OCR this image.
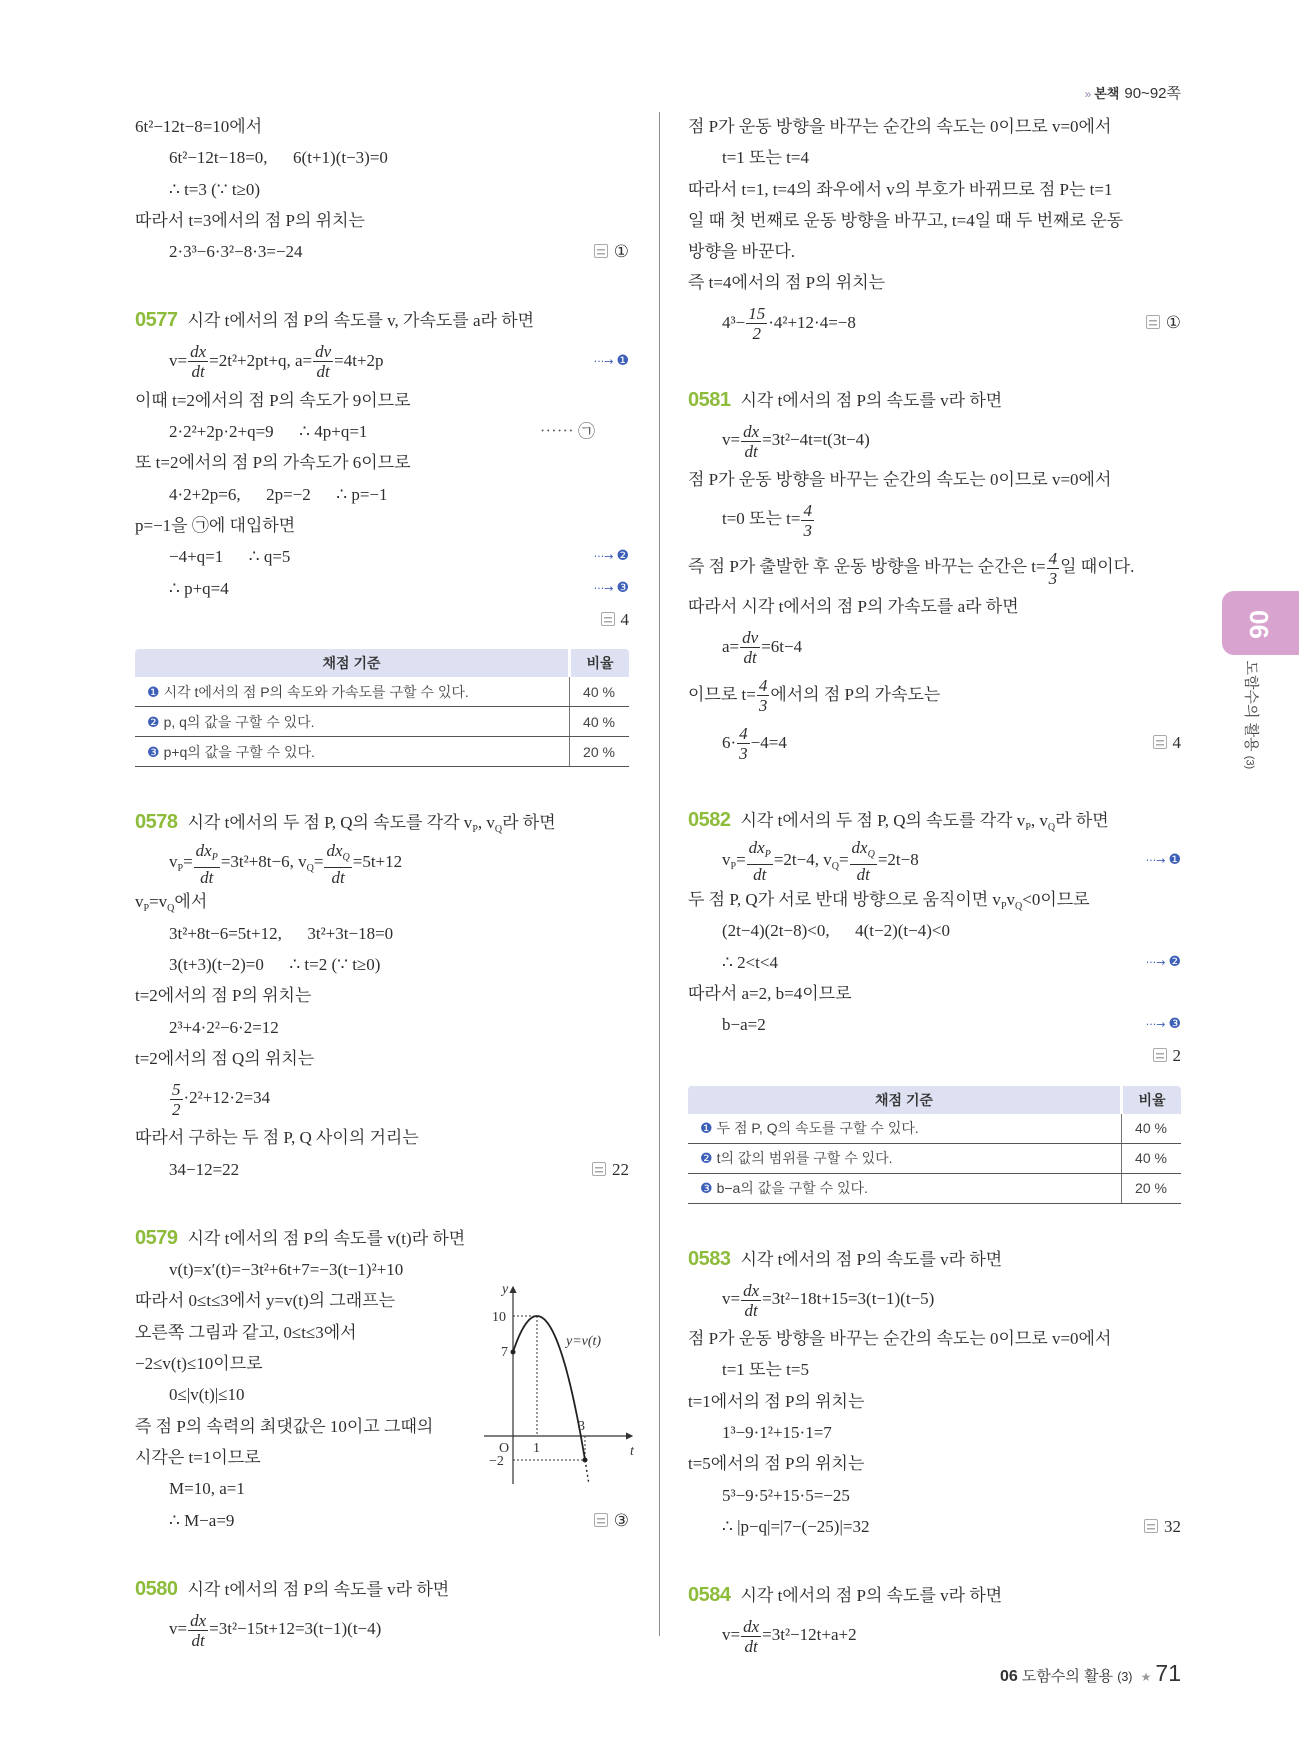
» 본책 90~92쪽
6t²−12t−8=10에서
6t²−12t−18=0,      6(t+1)(t−3)=0
∴ t=3 (∵ t≥0)
따라서 t=3에서의 점 P의 위치는
2·3³−6·3²−8·3=−24	①
0577 시각 t에서의 점 P의 속도를 v, 가속도를 a라 하면
$v= \frac{dx}{dt} =2t^2+2pt+q$, $a= \frac{dv}{dt} =4t+2p$	···→ ❶
이때 t=2에서의 점 P의 속도가 9이므로
2·2²+2p·2+q=9      ∴ 4p+q=1	⋯⋯ ㉠
또 t=2에서의 점 P의 가속도가 6이므로
4·2+2p=6,      2p=−2      ∴ p=−1
p=−1을 ㉠에 대입하면
−4+q=1      ∴ q=5	···→ ❷
∴ p+q=4	···→ ❸
4
채점 기준	비율
❶ 시각 t에서의 점 P의 속도와 가속도를 구할 수 있다.	40 %
❷ p, q의 값을 구할 수 있다.	40 %
❸ p+q의 값을 구할 수 있다.	20 %
0578 시각 t에서의 두 점 P, Q의 속도를 각각 $v_P$, $v_Q$라 하면
$v_P= \frac{dx_P}{dt} =3t^2+8t-6$, $v_Q= \frac{dx_Q}{dt} =5t+12$
$v_P=v_Q$에서
3t²+8t−6=5t+12,      3t²+3t−18=0
3(t+3)(t−2)=0      ∴ t=2 (∵ t≥0)
t=2에서의 점 P의 위치는
2³+4·2²−6·2=12
t=2에서의 점 Q의 위치는
$\frac{5}{2} \cdot 2^2+12\cdot 2=34$
따라서 구하는 두 점 P, Q 사이의 거리는
34−12=22	22
0579 시각 t에서의 점 P의 속도를 v(t)라 하면
v(t)=x′(t)=−3t²+6t+7=−3(t−1)²+10
따라서 0≤t≤3에서 y=v(t)의 그래프는
오른쪽 그림과 같고, 0≤t≤3에서
−2≤v(t)≤10이므로
0≤|v(t)|≤10
즉 점 P의 속력의 최댓값은 10이고 그때의
시각은 t=1이므로
M=10, a=1
∴ M−a=9	③
0580 시각 t에서의 점 P의 속도를 v라 하면
$v= \frac{dx}{dt} =3t^2-15t+12=3(t-1)(t-4)$
점 P가 운동 방향을 바꾸는 순간의 속도는 0이므로 v=0에서
t=1 또는 t=4
따라서 t=1, t=4의 좌우에서 v의 부호가 바뀌므로 점 P는 t=1
일 때 첫 번째로 운동 방향을 바꾸고, t=4일 때 두 번째로 운동
방향을 바꾼다.
즉 t=4에서의 점 P의 위치는
$4^3- \frac{15}{2} \cdot 4^2+12\cdot 4=-8$	①
0581 시각 t에서의 점 P의 속도를 v라 하면
$v= \frac{dx}{dt} =3t^2-4t=t(3t-4)$
점 P가 운동 방향을 바꾸는 순간의 속도는 0이므로 v=0에서
t=0 또는 $t= \frac{4}{3}$
즉 점 P가 출발한 후 운동 방향을 바꾸는 순간은 $t= \frac{4}{3}$ 일 때이다.
따라서 시각 t에서의 점 P의 가속도를 a라 하면
$a= \frac{dv}{dt} =6t-4$
이므로 $t= \frac{4}{3}$ 에서의 점 P의 가속도는
$6\cdot \frac{4}{3} -4=4$	4
0582 시각 t에서의 두 점 P, Q의 속도를 각각 $v_P$, $v_Q$라 하면
$v_P= \frac{dx_P}{dt} =2t-4$, $v_Q= \frac{dx_Q}{dt} =2t-8$	···→ ❶
두 점 P, Q가 서로 반대 방향으로 움직이면 $v_Pv_Q<0$이므로
(2t−4)(2t−8)<0,      4(t−2)(t−4)<0
∴ 2<t<4	···→ ❷
따라서 a=2, b=4이므로
b−a=2	···→ ❸
2
채점 기준	비율
❶ 두 점 P, Q의 속도를 구할 수 있다.	40 %
❷ t의 값의 범위를 구할 수 있다.	40 %
❸ b−a의 값을 구할 수 있다.	20 %
0583 시각 t에서의 점 P의 속도를 v라 하면
$v= \frac{dx}{dt} =3t^2-18t+15=3(t-1)(t-5)$
점 P가 운동 방향을 바꾸는 순간의 속도는 0이므로 v=0에서
t=1 또는 t=5
t=1에서의 점 P의 위치는
1³−9·1²+15·1=7
t=5에서의 점 P의 위치는
5³−9·5²+15·5=−25
∴ |p−q|=|7−(−25)|=32	32
0584 시각 t에서의 점 P의 속도를 v라 하면
$v= \frac{dx}{dt} =3t^2-12t+a+2$
y
t
O
10
7
−2
1
3
y=v(t)
06
도함수의 활용 (3)
06 도함수의 활용 (3) ★ 71
